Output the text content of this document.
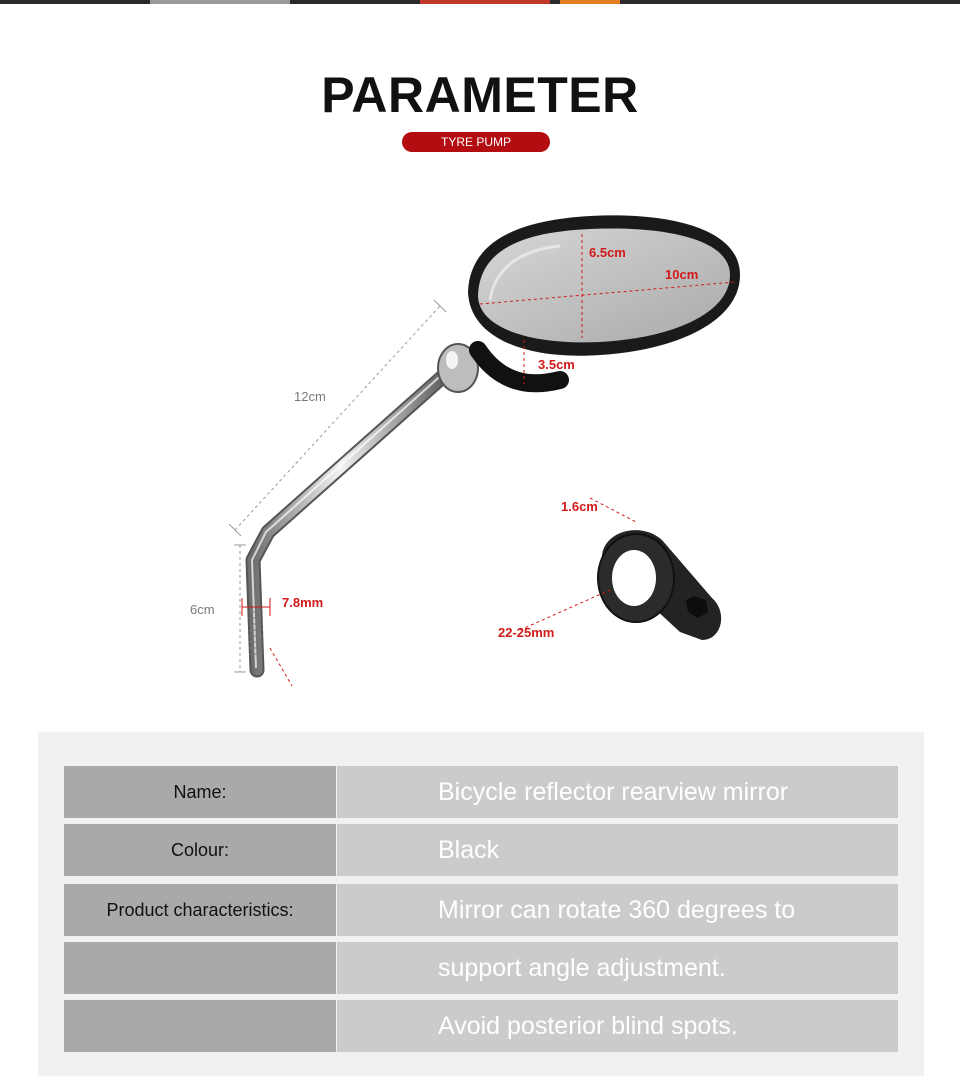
PARAMETER
TYRE PUMP
6.5cm
10cm
3.5cm
12cm
6cm	7.8mm
1.6cm
22-25mm
Name:	Bicycle reflector rearview mirror
Colour:	Black
Product characteristics:	Mirror can rotate 360 degrees to
support angle adjustment.
Avoid posterior blind spots.
